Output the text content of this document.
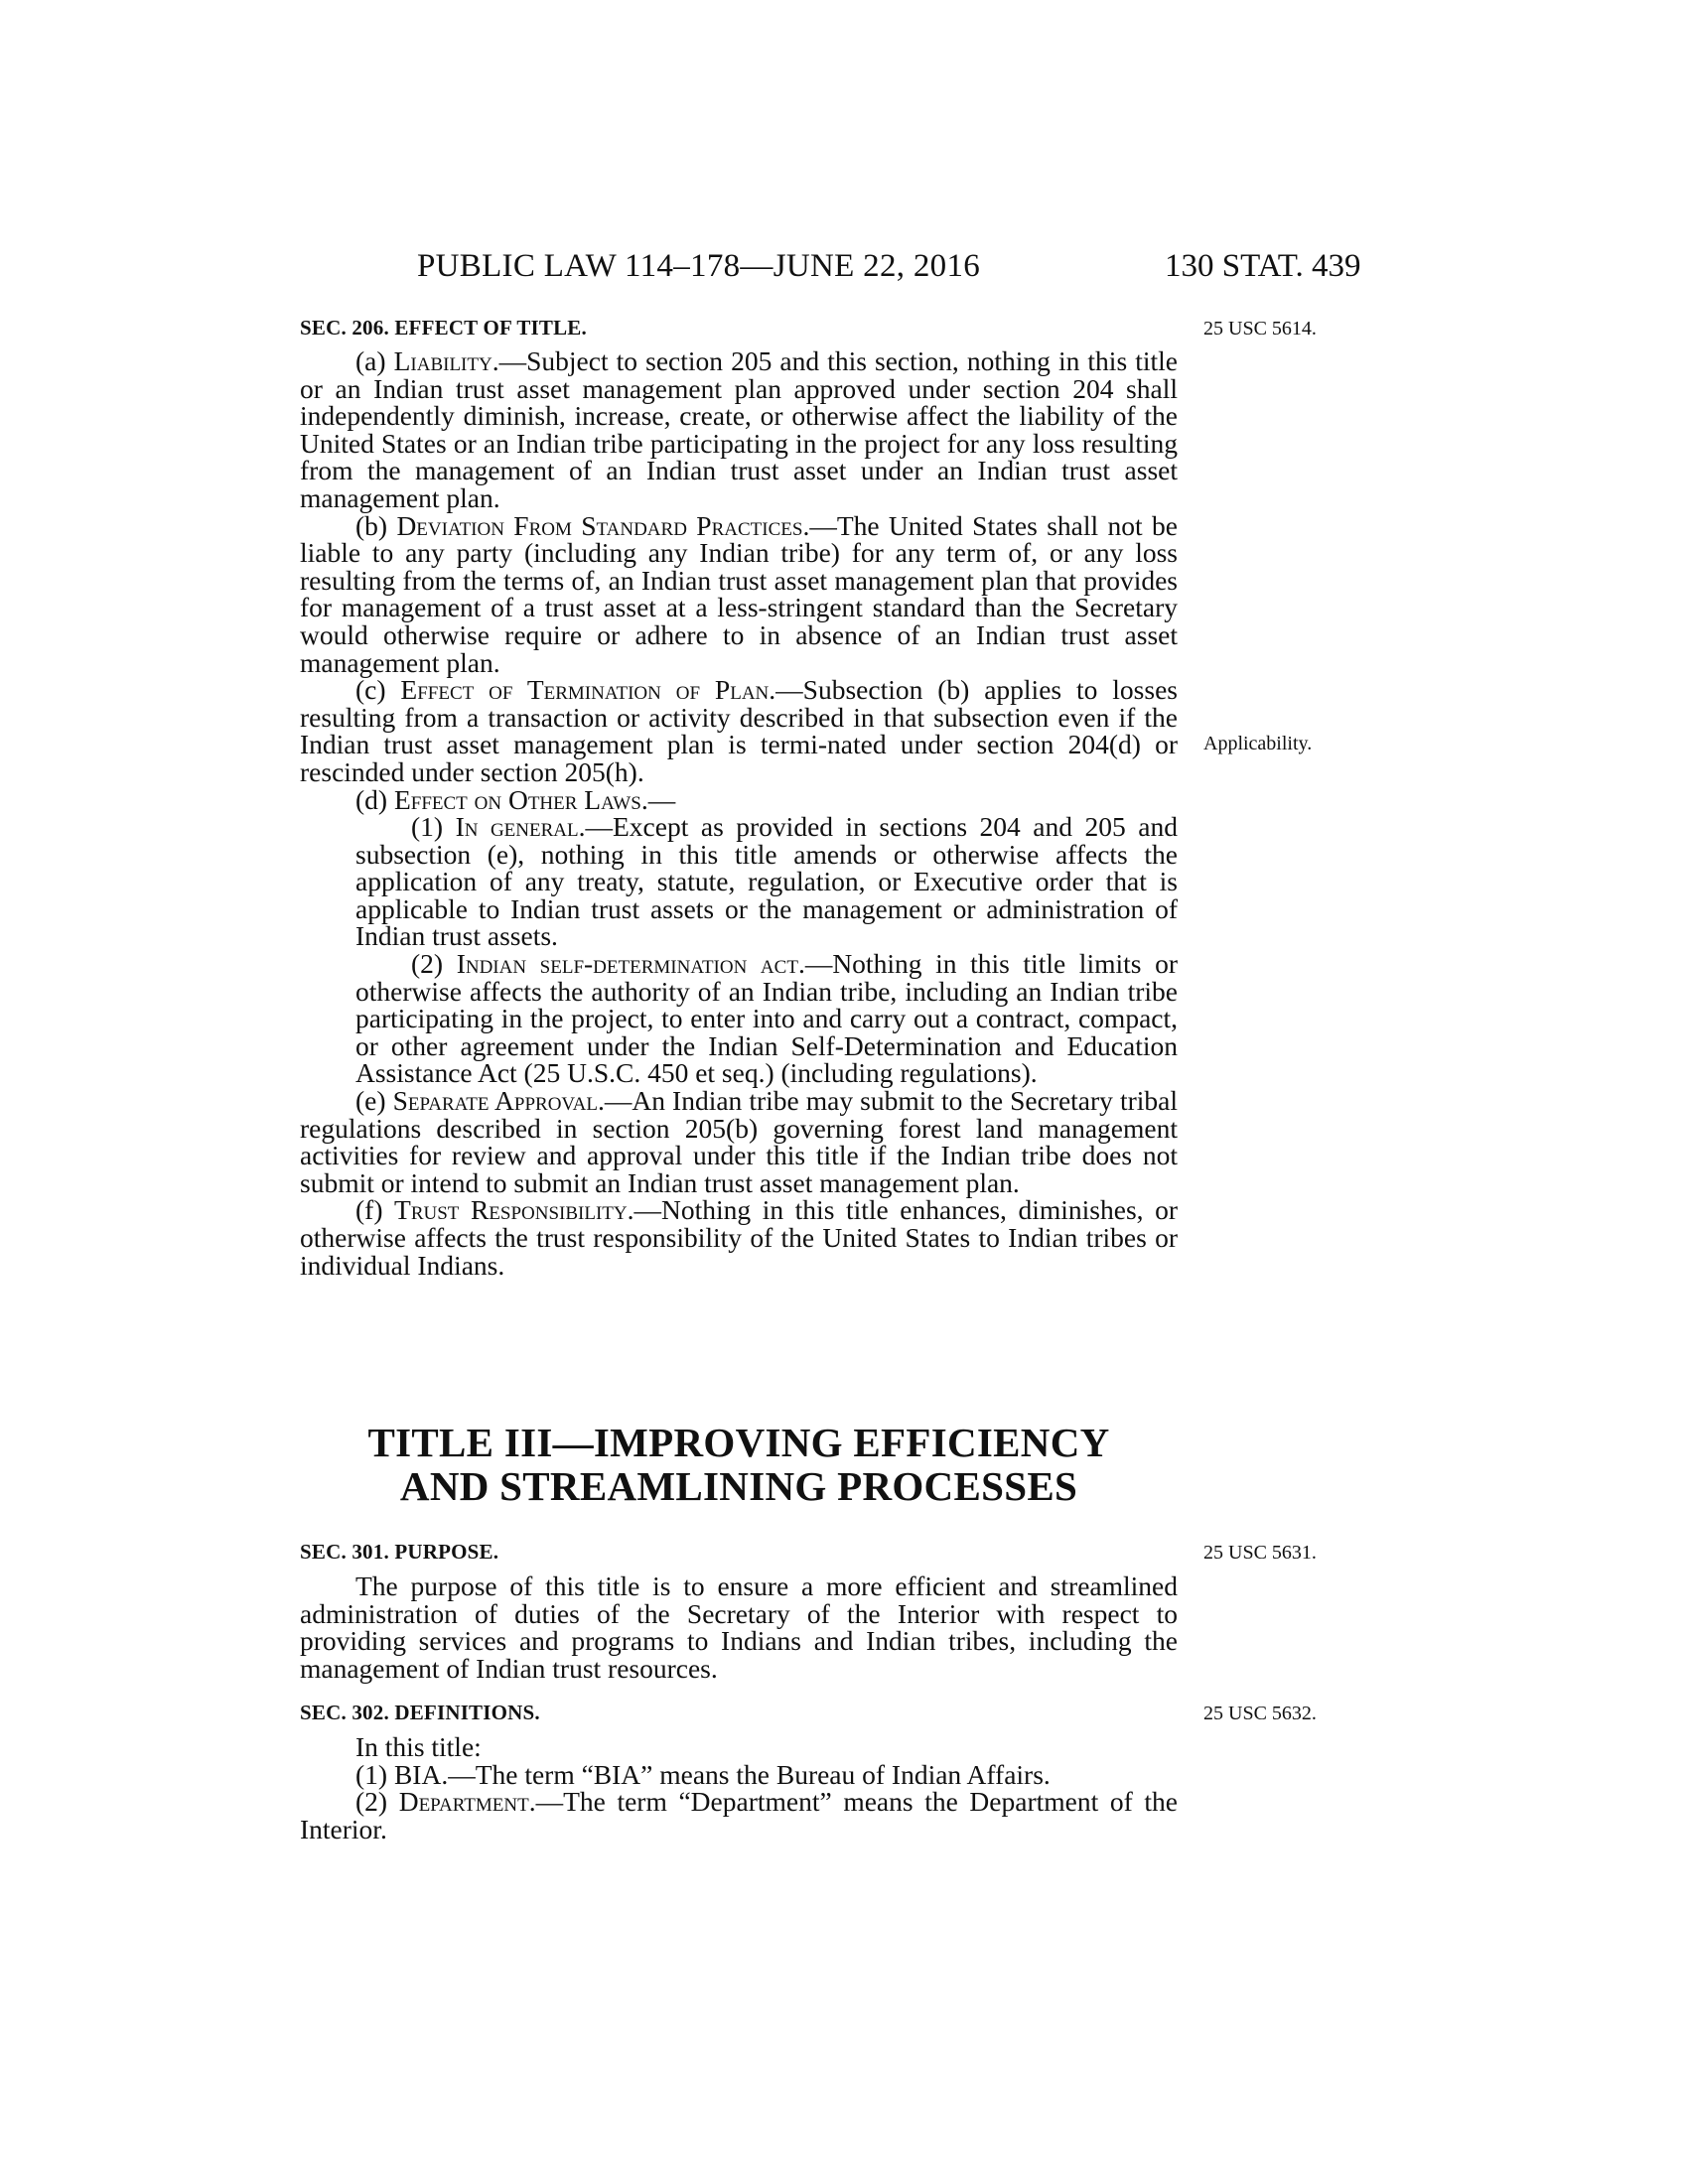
PUBLIC LAW 114–178—JUNE 22, 2016	130 STAT. 439
SEC. 206. EFFECT OF TITLE.	25 USC 5614.

(a) Liability.—Subject to section 205 and this section, nothing in this title or an Indian trust asset management plan approved under section 204 shall independently diminish, increase, create, or otherwise affect the liability of the United States or an Indian tribe participating in the project for any loss resulting from the management of an Indian trust asset under an Indian trust asset management plan.

(b) Deviation From Standard Practices.—The United States shall not be liable to any party (including any Indian tribe) for any term of, or any loss resulting from the terms of, an Indian trust asset management plan that provides for management of a trust asset at a less-stringent standard than the Secretary would otherwise require or adhere to in absence of an Indian trust asset management plan.

(c) Effect of Termination of Plan.—Subsection (b) applies to losses resulting from a transaction or activity described in that subsection even if the Indian trust asset management plan is termi-nated under section 204(d) or rescinded under section 205(h).

(d) Effect on Other Laws.—

(1) In general.—Except as provided in sections 204 and 205 and subsection (e), nothing in this title amends or otherwise affects the application of any treaty, statute, regulation, or Executive order that is applicable to Indian trust assets or the management or administration of Indian trust assets.

(2) Indian self-determination act.—Nothing in this title limits or otherwise affects the authority of an Indian tribe, including an Indian tribe participating in the project, to enter into and carry out a contract, compact, or other agreement under the Indian Self-Determination and Education Assistance Act (25 U.S.C. 450 et seq.) (including regulations).

(e) Separate Approval.—An Indian tribe may submit to the Secretary tribal regulations described in section 205(b) governing forest land management activities for review and approval under this title if the Indian tribe does not submit or intend to submit an Indian trust asset management plan.

(f) Trust Responsibility.—Nothing in this title enhances, diminishes, or otherwise affects the trust responsibility of the United States to Indian tribes or individual Indians.

Applicability.
TITLE III—IMPROVING EFFICIENCY
AND STREAMLINING PROCESSES
SEC. 301. PURPOSE.	25 USC 5631.

The purpose of this title is to ensure a more efficient and streamlined administration of duties of the Secretary of the Interior with respect to providing services and programs to Indians and Indian tribes, including the management of Indian trust resources.

SEC. 302. DEFINITIONS.	25 USC 5632.

In this title:

(1) BIA.—The term “BIA” means the Bureau of Indian Affairs.

(2) Department.—The term “Department” means the Department of the Interior.
